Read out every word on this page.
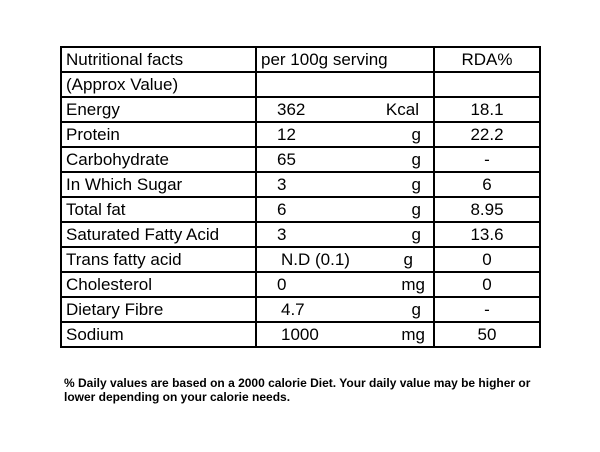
Nutritional facts	per 100g serving	RDA%
(Approx Value)		
Energy	362 Kcal	18.1
Protein	12 g	22.2
Carbohydrate	65 g	-
In Which Sugar	3 g	6
Total fat	6 g	8.95
Saturated Fatty Acid	3 g	13.6
Trans fatty acid	N.D (0.1) g	0
Cholesterol	0 mg	0
Dietary Fibre	4.7 g	-
Sodium	1000 mg	50
% Daily values are based on a 2000 calorie Diet. Your daily value may be higher or lower depending on your calorie needs.
